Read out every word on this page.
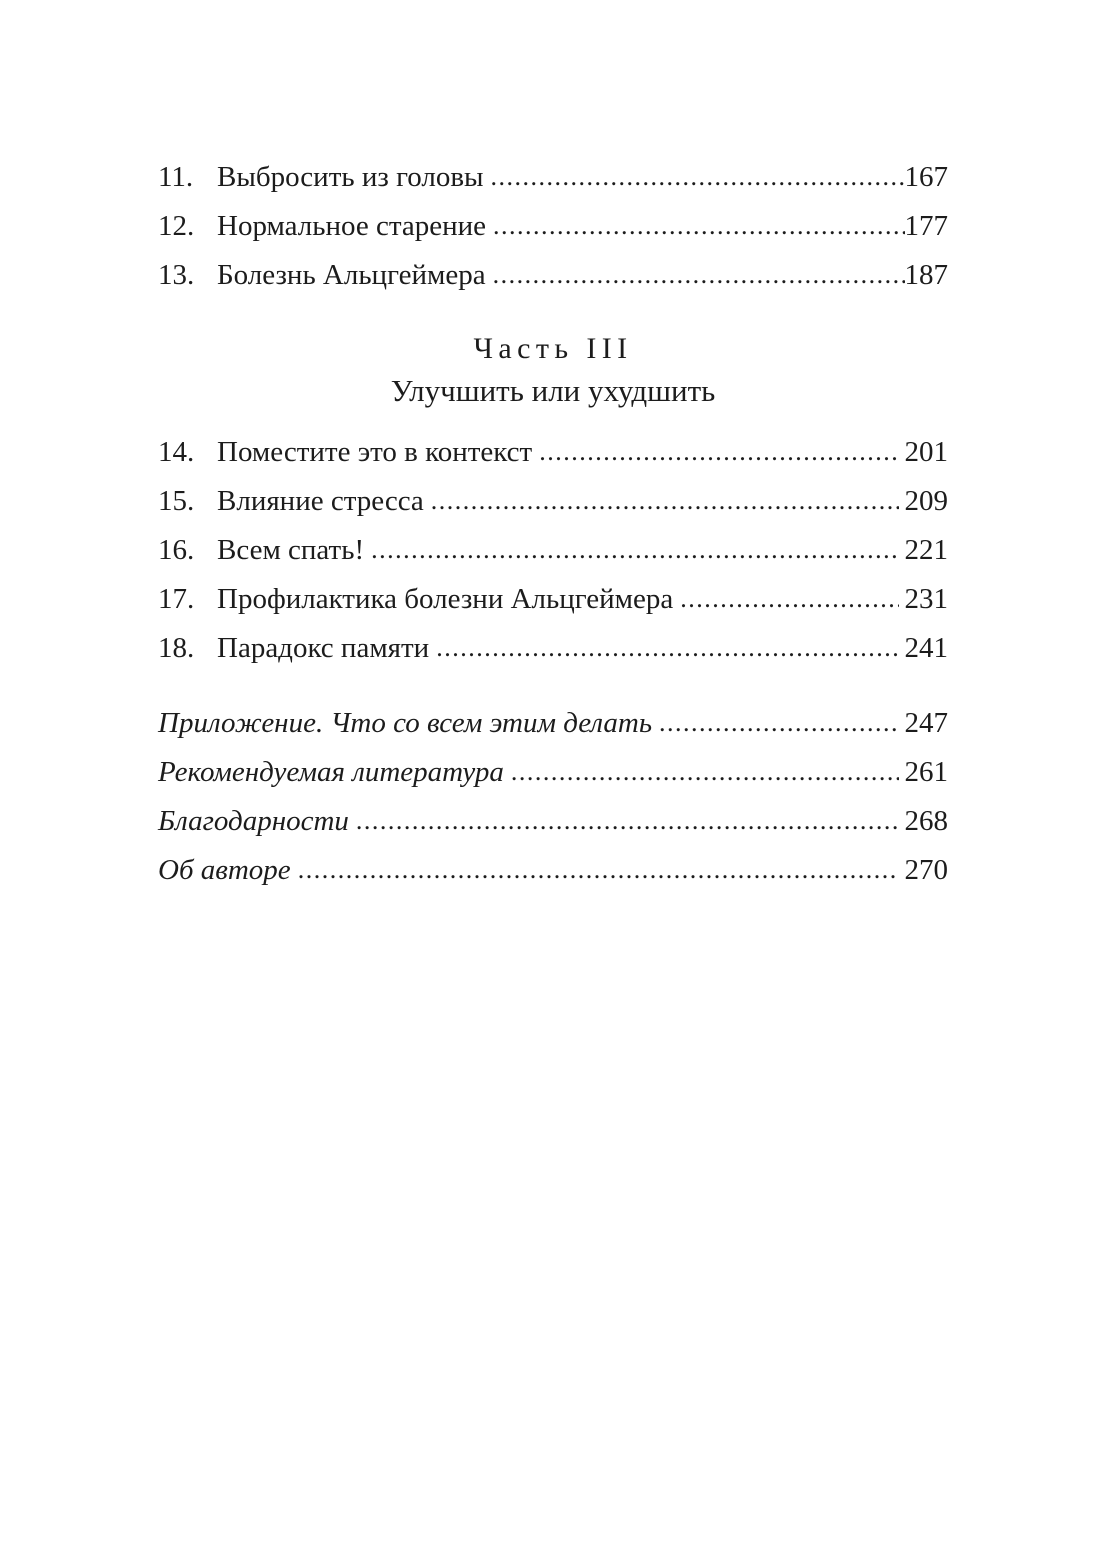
11. Выбросить из головы .....	167
12. Нормальное старение .....	177
13. Болезнь Альцгеймера .....	187
Часть III
Улучшить или ухудшить
14. Поместите это в контекст .....	201
15. Влияние стресса .....	209
16. Всем спать! .....	221
17. Профилактика болезни Альцгеймера .....	231
18. Парадокс памяти .....	241
Приложение. Что со всем этим делать .....	247
Рекомендуемая литература .....	261
Благодарности .....	268
Об авторе .....	270
